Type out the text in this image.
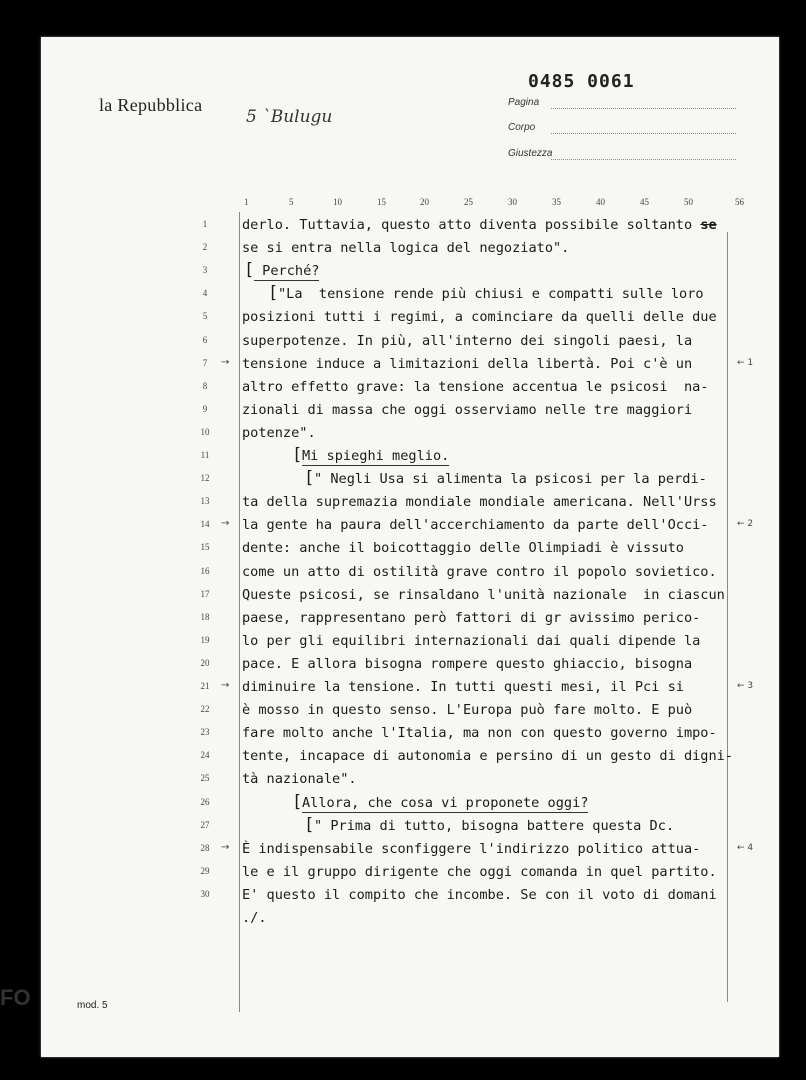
la Repubblica
5 `Bulugu
0485 0061
Pagina
Corpo
Giustezza
1	5	10	15	20	25	30	35	40	45	50	56
1	derlo. Tuttavia, questo atto diventa possibile soltanto se
2	se si entra nella logica del negoziato".
3	[ Perché?
4	[ "La  tensione rende più chiusi e compatti sulle loro
5	posizioni tutti i regimi, a cominciare da quelli delle due
6	superpotenze. In più, all'interno dei singoli paesi, la
7	→	← 1
tensione induce a limitazioni della libertà. Poi c'è un
8	altro effetto grave: la tensione accentua le psicosi  na-
9	zionali di massa che oggi osserviamo nelle tre maggiori
10 potenze".
11	[ Mi spieghi meglio.
12	[ " Negli Usa si alimenta la psicosi per la perdi-
13 ta della supremazia mondiale mondiale americana. Nell'Urss
14	→	← 2
la gente ha paura dell'accerchiamento da parte dell'Occi-
15 dente: anche il boicottaggio delle Olimpiadi è vissuto
16 come un atto di ostilità grave contro il popolo sovietico.
17 Queste psicosi, se rinsaldano l'unità nazionale  in ciascun
18 paese, rappresentano però fattori di gr avissimo perico-
19 lo per gli equilibri internazionali dai quali dipende la
20 pace. E allora bisogna rompere questo ghiaccio, bisogna
21	→	← 3
diminuire la tensione. In tutti questi mesi, il Pci si
22 è mosso in questo senso. L'Europa può fare molto. E può
23 fare molto anche l'Italia, ma non con questo governo impo-
24 tente, incapace di autonomia e persino di un gesto di digni-
25 tà nazionale".
26	[ Allora, che cosa vi proponete oggi?
27	[ " Prima di tutto, bisogna battere questa Dc.
28	→	← 4
È indispensabile sconfiggere l'indirizzo politico attua-
29 le e il gruppo dirigente che oggi comanda in quel partito.
30 E' questo il compito che incombe. Se con il voto di domani
./.
mod. 5
FO
